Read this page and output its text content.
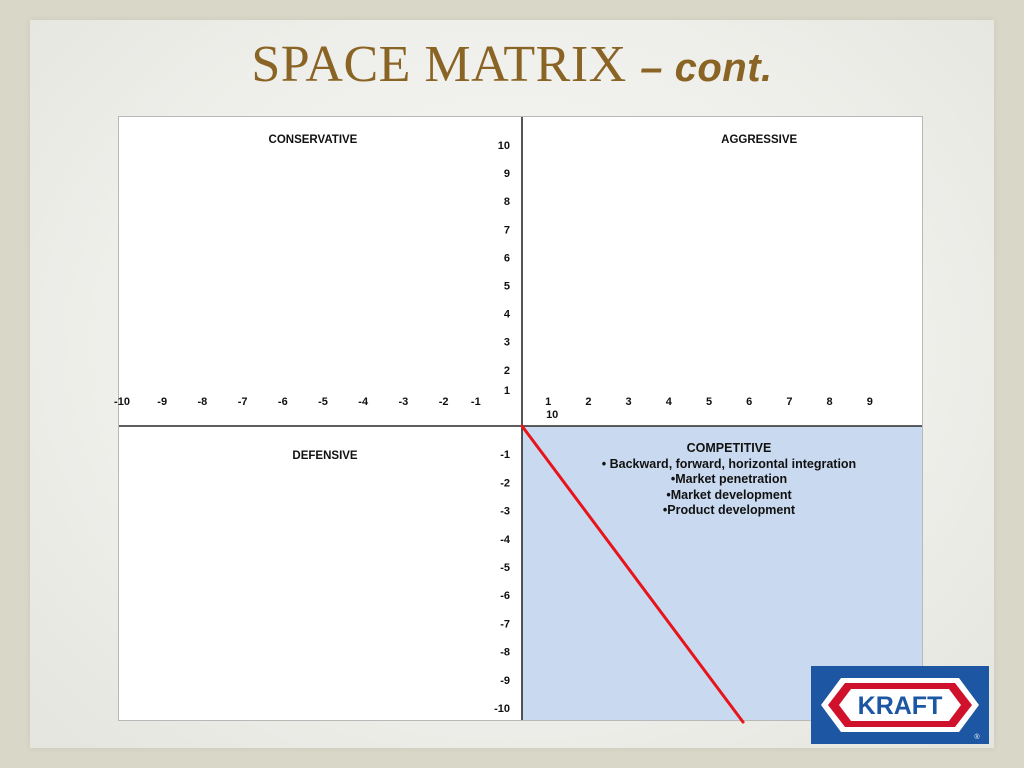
SPACE MATRIX – cont.
CONSERVATIVE	AGGRESSIVE
DEFENSIVE
-10 -9	-8	-7	-6	-5	-4	-3	-2 -1	1	2	3	4	5	6	7	8	9
10
10
9
8
7
6
5
4
3
2
1
-1
-2
-3
-4
-5
-6
-7
-8
-9
-10
COMPETITIVE
• Backward, forward, horizontal integration
•Market penetration
•Market development
•Product development
KRAFT
®
